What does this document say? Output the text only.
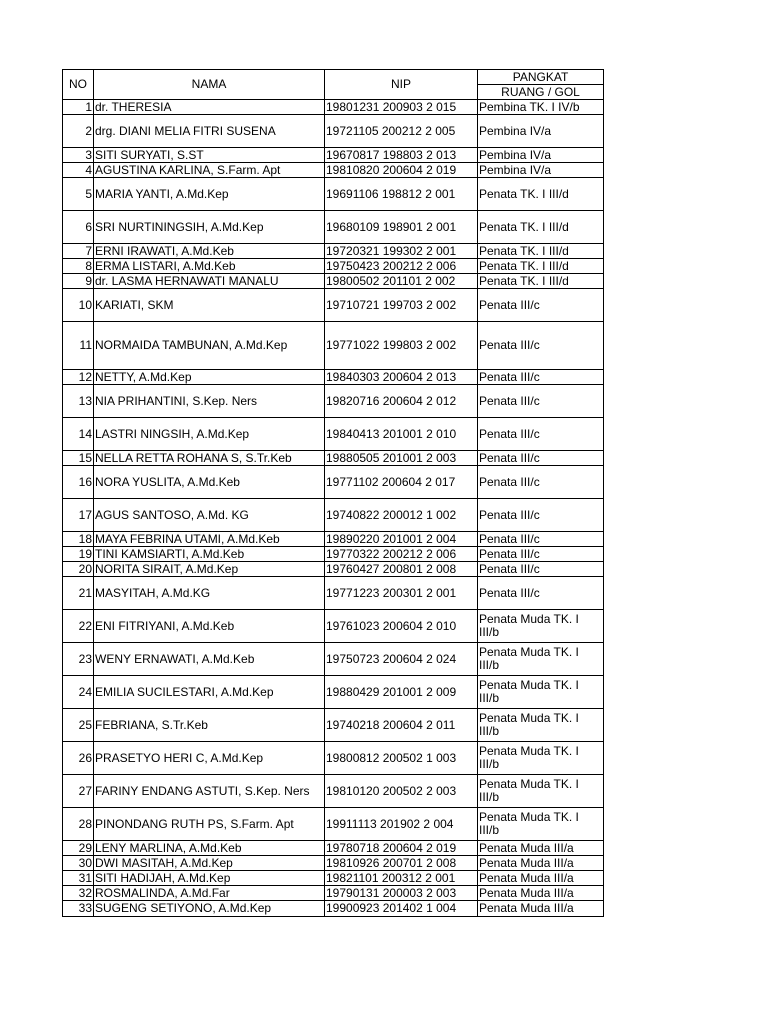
NO	NAMA	NIP	PANGKAT
			RUANG / GOL
1	dr. THERESIA	19801231 200903 2 015	Pembina TK. I IV/b
2	drg. DIANI MELIA FITRI SUSENA	19721105 200212 2 005	Pembina IV/a
3	SITI SURYATI, S.ST	19670817 198803 2 013	Pembina IV/a
4	AGUSTINA KARLINA, S.Farm. Apt	19810820 200604 2 019	Pembina IV/a
5	MARIA YANTI, A.Md.Kep	19691106 198812 2 001	Penata TK. I III/d
6	SRI NURTININGSIH, A.Md.Kep	19680109 198901 2 001	Penata TK. I III/d
7	ERNI IRAWATI, A.Md.Keb	19720321 199302 2 001	Penata TK. I III/d
8	ERMA LISTARI, A.Md.Keb	19750423 200212 2 006	Penata TK. I III/d
9	dr. LASMA HERNAWATI MANALU	19800502 201101 2 002	Penata TK. I III/d
10	KARIATI, SKM	19710721 199703 2 002	Penata III/c
11	NORMAIDA TAMBUNAN, A.Md.Kep	19771022 199803 2 002	Penata III/c
12	NETTY, A.Md.Kep	19840303 200604 2 013	Penata III/c
13	NIA PRIHANTINI, S.Kep. Ners	19820716 200604 2 012	Penata III/c
14	LASTRI NINGSIH, A.Md.Kep	19840413 201001 2 010	Penata III/c
15	NELLA RETTA ROHANA S, S.Tr.Keb	19880505 201001 2 003	Penata III/c
16	NORA YUSLITA, A.Md.Keb	19771102 200604 2 017	Penata III/c
17	AGUS SANTOSO, A.Md. KG	19740822 200012 1 002	Penata III/c
18	MAYA FEBRINA UTAMI, A.Md.Keb	19890220 201001 2 004	Penata III/c
19	TINI KAMSIARTI, A.Md.Keb	19770322 200212 2 006	Penata III/c
20	NORITA SIRAIT, A.Md.Kep	19760427 200801 2 008	Penata III/c
21	MASYITAH, A.Md.KG	19771223 200301 2 001	Penata III/c
22	ENI FITRIYANI, A.Md.Keb	19761023 200604 2 010	Penata Muda TK. I III/b
23	WENY ERNAWATI, A.Md.Keb	19750723 200604 2 024	Penata Muda TK. I III/b
24	EMILIA SUCILESTARI, A.Md.Kep	19880429 201001 2 009	Penata Muda TK. I III/b
25	FEBRIANA, S.Tr.Keb	19740218 200604 2 011	Penata Muda TK. I III/b
26	PRASETYO HERI C, A.Md.Kep	19800812 200502 1 003	Penata Muda TK. I III/b
27	FARINY ENDANG ASTUTI, S.Kep. Ners	19810120 200502 2 003	Penata Muda TK. I III/b
28	PINONDANG RUTH PS, S.Farm. Apt	19911113 201902 2 004	Penata Muda TK. I III/b
29	LENY MARLINA, A.Md.Keb	19780718 200604 2 019	Penata Muda III/a
30	DWI MASITAH, A.Md.Kep	19810926 200701 2 008	Penata Muda III/a
31	SITI HADIJAH, A.Md.Kep	19821101 200312 2 001	Penata Muda III/a
32	ROSMALINDA, A.Md.Far	19790131 200003 2 003	Penata Muda III/a
33	SUGENG SETIYONO, A.Md.Kep	19900923 201402 1 004	Penata Muda III/a
